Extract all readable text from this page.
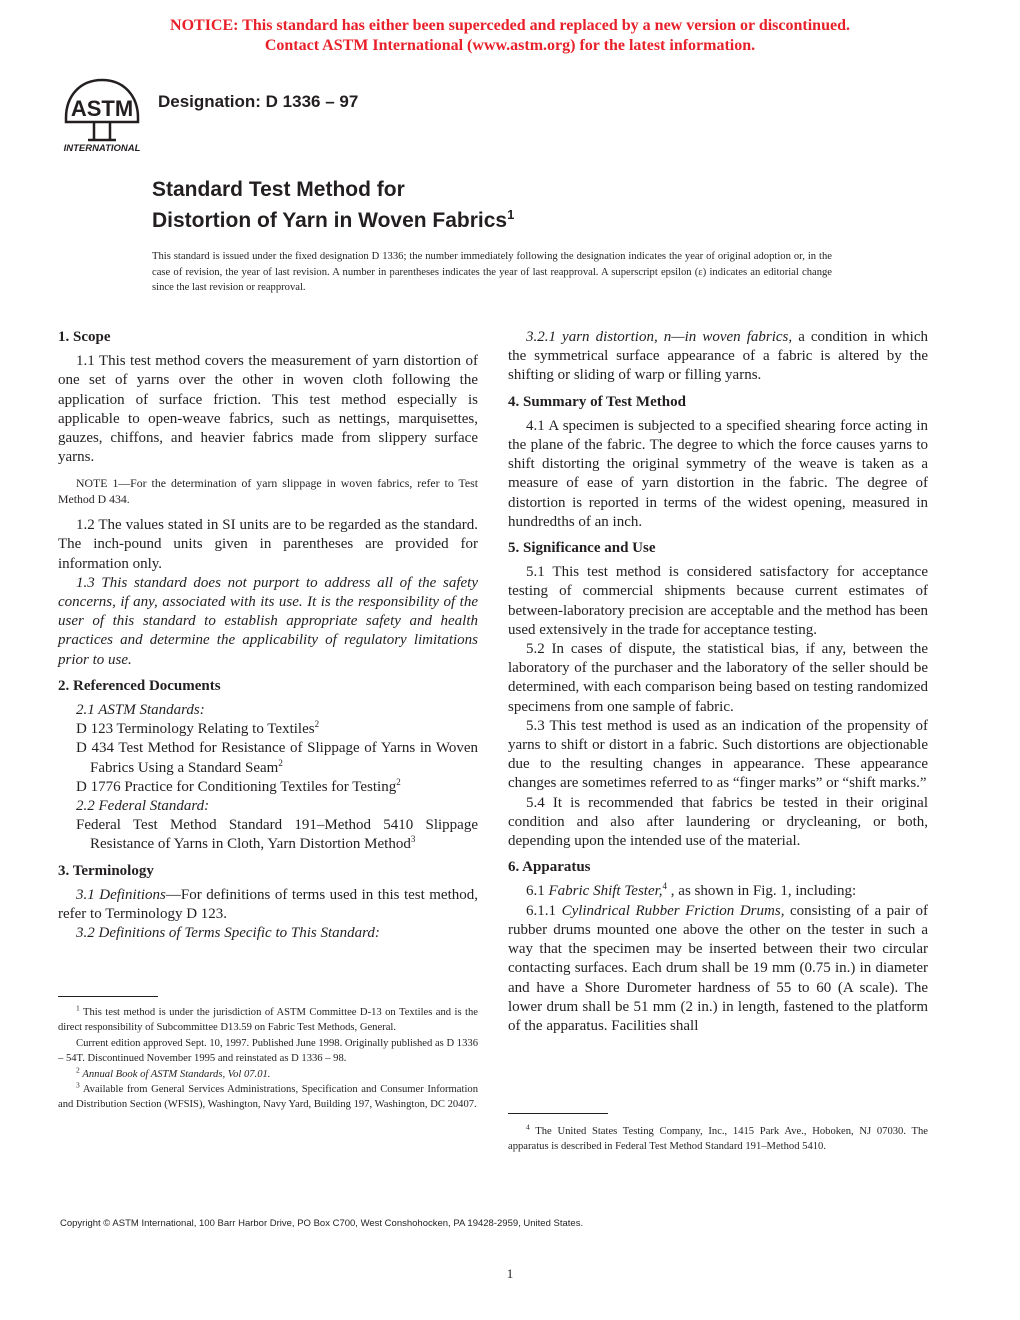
NOTICE: This standard has either been superceded and replaced by a new version or discontinued.
Contact ASTM International (www.astm.org) for the latest information.
ASTM
INTERNATIONAL
Designation: D 1336 – 97
Standard Test Method for
Distortion of Yarn in Woven Fabrics$^1$
This standard is issued under the fixed designation D 1336; the number immediately following the designation indicates the year of original adoption or, in the case of revision, the year of last revision. A number in parentheses indicates the year of last reapproval. A superscript epsilon (ε) indicates an editorial change since the last revision or reapproval.
1. Scope

1.1 This test method covers the measurement of yarn distortion of one set of yarns over the other in woven cloth following the application of surface friction. This test method especially is applicable to open-weave fabrics, such as nettings, marquisettes, gauzes, chiffons, and heavier fabrics made from slippery surface yarns.

NOTE 1—For the determination of yarn slippage in woven fabrics, refer to Test Method D 434.

1.2 The values stated in SI units are to be regarded as the standard. The inch-pound units given in parentheses are provided for information only.

1.3 This standard does not purport to address all of the safety concerns, if any, associated with its use. It is the responsibility of the user of this standard to establish appropriate safety and health practices and determine the applicability of regulatory limitations prior to use.

2. Referenced Documents

2.1 ASTM Standards:

D 123 Terminology Relating to Textiles$^2$
D 434 Test Method for Resistance of Slippage of Yarns in Woven Fabrics Using a Standard Seam$^2$
D 1776 Practice for Conditioning Textiles for Testing$^2$

2.2 Federal Standard:

Federal Test Method Standard 191–Method 5410 Slippage Resistance of Yarns in Cloth, Yarn Distortion Method$^3$
3. Terminology

3.1 Definitions—For definitions of terms used in this test method, refer to Terminology D 123.

3.2 Definitions of Terms Specific to This Standard:

$^1$ This test method is under the jurisdiction of ASTM Committee D-13 on Textiles and is the direct responsibility of Subcommittee D13.59 on Fabric Test Methods, General.

Current edition approved Sept. 10, 1997. Published June 1998. Originally published as D 1336 – 54T. Discontinued November 1995 and reinstated as D 1336 – 98.

$^2$ Annual Book of ASTM Standards, Vol 07.01.

$^3$ Available from General Services Administrations, Specification and Consumer Information and Distribution Section (WFSIS), Washington, Navy Yard, Building 197, Washington, DC 20407.

3.2.1 yarn distortion, n—in woven fabrics, a condition in which the symmetrical surface appearance of a fabric is altered by the shifting or sliding of warp or filling yarns.

4. Summary of Test Method

4.1 A specimen is subjected to a specified shearing force acting in the plane of the fabric. The degree to which the force causes yarns to shift distorting the original symmetry of the weave is taken as a measure of ease of yarn distortion in the fabric. The degree of distortion is reported in terms of the widest opening, measured in hundredths of an inch.

5. Significance and Use

5.1 This test method is considered satisfactory for acceptance testing of commercial shipments because current estimates of between-laboratory precision are acceptable and the method has been used extensively in the trade for acceptance testing.

5.2 In cases of dispute, the statistical bias, if any, between the laboratory of the purchaser and the laboratory of the seller should be determined, with each comparison being based on testing randomized specimens from one sample of fabric.

5.3 This test method is used as an indication of the propensity of yarns to shift or distort in a fabric. Such distortions are objectionable due to the resulting changes in appearance. These appearance changes are sometimes referred to as “finger marks” or “shift marks.”

5.4 It is recommended that fabrics be tested in their original condition and also after laundering or drycleaning, or both, depending upon the intended use of the material.

6. Apparatus

6.1 Fabric Shift Tester,$^4$ , as shown in Fig. 1, including:

6.1.1 Cylindrical Rubber Friction Drums, consisting of a pair of rubber drums mounted one above the other on the tester in such a way that the specimen may be inserted between their two circular contacting surfaces. Each drum shall be 19 mm (0.75 in.) in diameter and have a Shore Durometer hardness of 55 to 60 (A scale). The lower drum shall be 51 mm (2 in.) in length, fastened to the platform of the apparatus. Facilities shall

$^4$ The United States Testing Company, Inc., 1415 Park Ave., Hoboken, NJ 07030. The apparatus is described in Federal Test Method Standard 191–Method 5410.

Copyright © ASTM International, 100 Barr Harbor Drive, PO Box C700, West Conshohocken, PA 19428-2959, United States.
1
